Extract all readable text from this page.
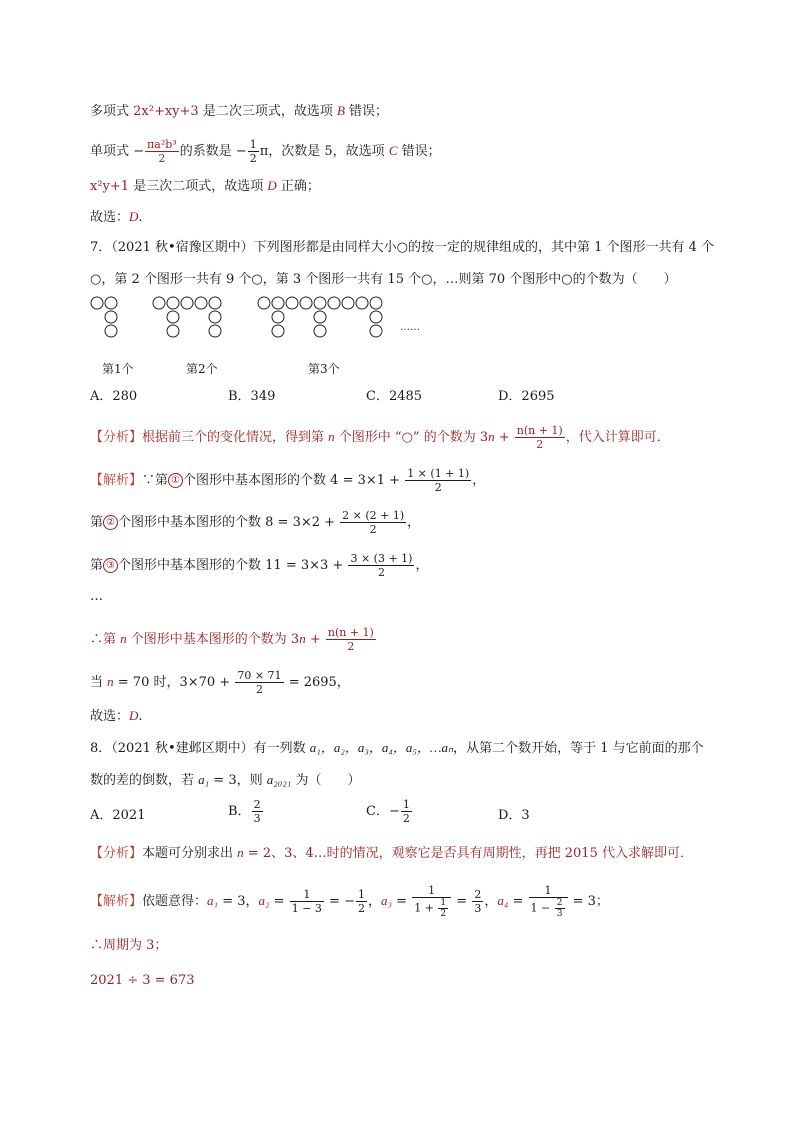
多项式 2x²+xy+3 是二次三项式，故选项 B 错误；
单项式 − $\frac{\text{πa²b³}}{2}$ 的系数是 − $\frac{1}{2}$ π，次数是 5，故选项 C 错误；
x²y+1 是三次二项式，故选项 D 正确；
故选：D.
7．（2021 秋•宿豫区期中）下列图形都是由同样大小○的按一定的规律组成的，其中第 1 个图形一共有 4 个
○，第 2 个图形一共有 9 个○，第 3 个图形一共有 15 个○，…则第 70 个图形中○的个数为（　　）
……
第1个	第2个	第3个
A．280	B．349	C．2485	D．2695
【分析】根据前三个的变化情况，得到第 n 个图形中 “○” 的个数为 $3n + \frac{n(n + 1)}{2}$ ，代入计算即可．
【解析】∵第 ① 个图形中基本图形的个数 $4 = 3\times 1 + \frac{1 \times (1 + 1)}{2}$ ，
第 ② 个图形中基本图形的个数 $8 = 3\times 2 + \frac{2 \times (2 + 1)}{2}$ ，
第 ③ 个图形中基本图形的个数 $11 = 3\times 3 + \frac{3 \times (3 + 1)}{2}$ ，
…
∴第 n 个图形中基本图形的个数为 $3n + \frac{n(n + 1)}{2}$
当 n = 70 时，$3\times 70 + \frac{70 \times 71}{2} = 2695$，
故选：D.
8．（2021 秋•建邺区期中）有一列数 a₁，a₂，a₃，a₄，a₅，…aₙ，从第二个数开始，等于 1 与它前面的那个
数的差的倒数，若 a₁ = 3，则 a₂₀₂₁ 为（　　）
A．2021	B． $\frac{2}{3}$	C．− $\frac{1}{2}$	D．3
【分析】本题可分别求出 n = 2、3、4…时的情况，观察它是否具有周期性，再把 2015 代入求解即可．
【解析】依题意得：a₁ = 3，$a_2 = \frac{1}{1 - 3}$ = − $\frac{1}{2}$ ，$a_3 = \frac{1}{1 + \frac{1}{2}} = \frac{2}{3}$ ，$a_4 = \frac{1}{1 - \frac{2}{3}} = 3$；
∴周期为 3；
2021 ÷ 3 = 673
